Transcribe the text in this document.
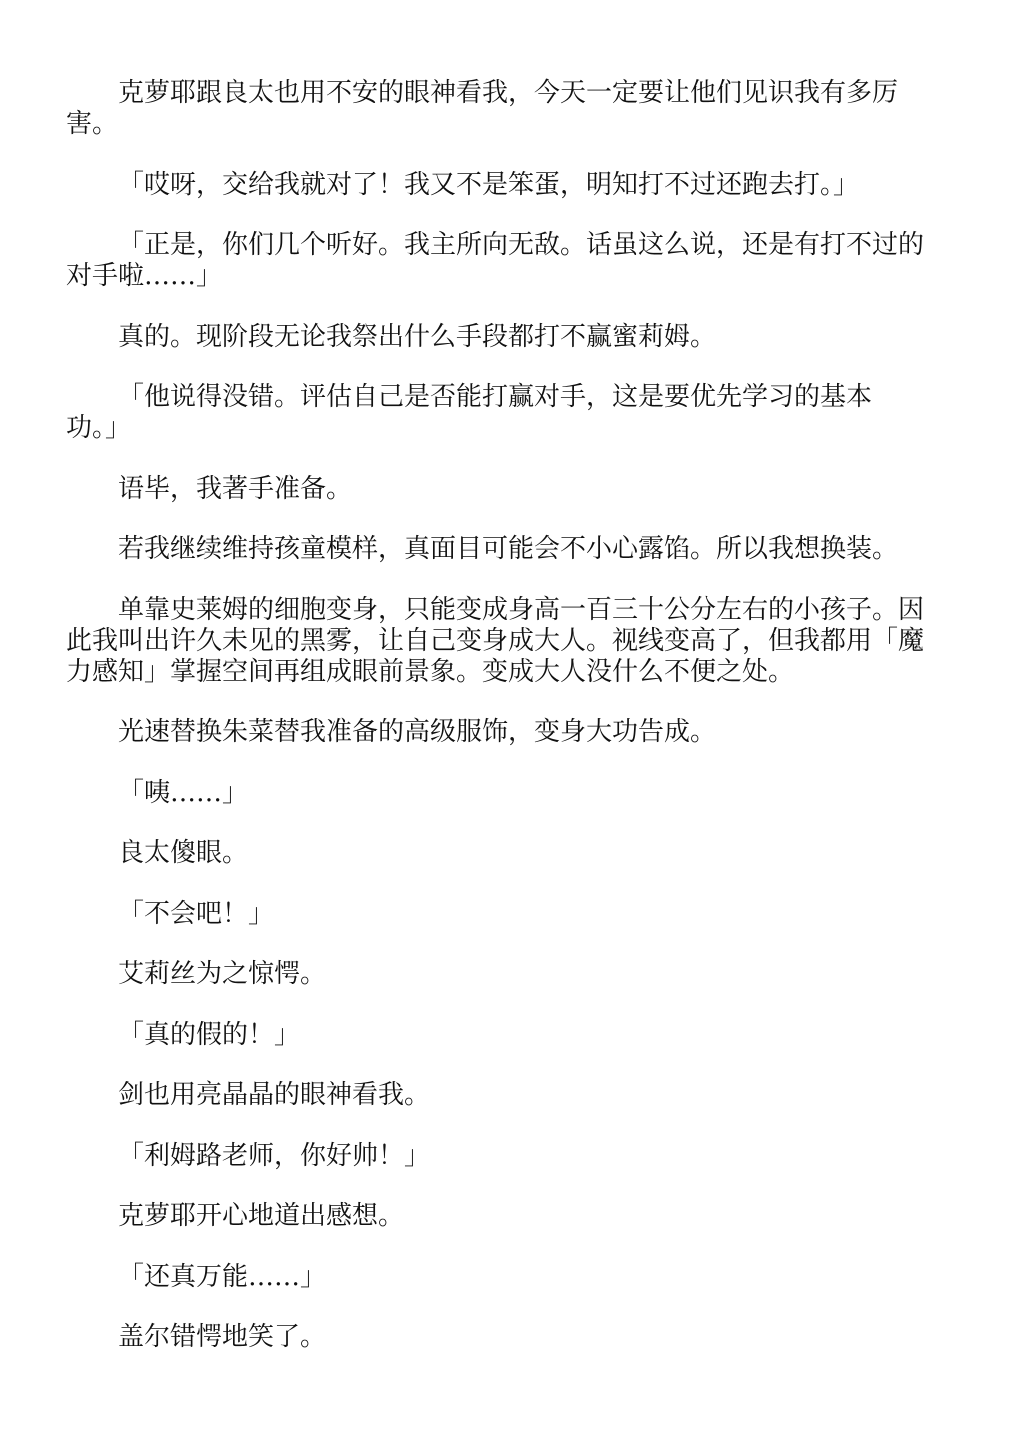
克萝耶跟良太也用不安的眼神看我，今天一定要让他们见识我有多厉害。

「哎呀，交给我就对了！我又不是笨蛋，明知打不过还跑去打。」

「正是，你们几个听好。我主所向无敌。话虽这么说，还是有打不过的对手啦……」

真的。现阶段无论我祭出什么手段都打不赢蜜莉姆。

「他说得没错。评估自己是否能打赢对手，这是要优先学习的基本功。」

语毕，我著手准备。

若我继续维持孩童模样，真面目可能会不小心露馅。所以我想换装。

单靠史莱姆的细胞变身，只能变成身高一百三十公分左右的小孩子。因此我叫出许久未见的黑雾，让自己变身成大人。视线变高了，但我都用「魔力感知」掌握空间再组成眼前景象。变成大人没什么不便之处。

光速替换朱菜替我准备的高级服饰，变身大功告成。

「咦……」

良太傻眼。

「不会吧！」

艾莉丝为之惊愕。

「真的假的！」

剑也用亮晶晶的眼神看我。

「利姆路老师，你好帅！」

克萝耶开心地道出感想。

「还真万能……」

盖尔错愕地笑了。
